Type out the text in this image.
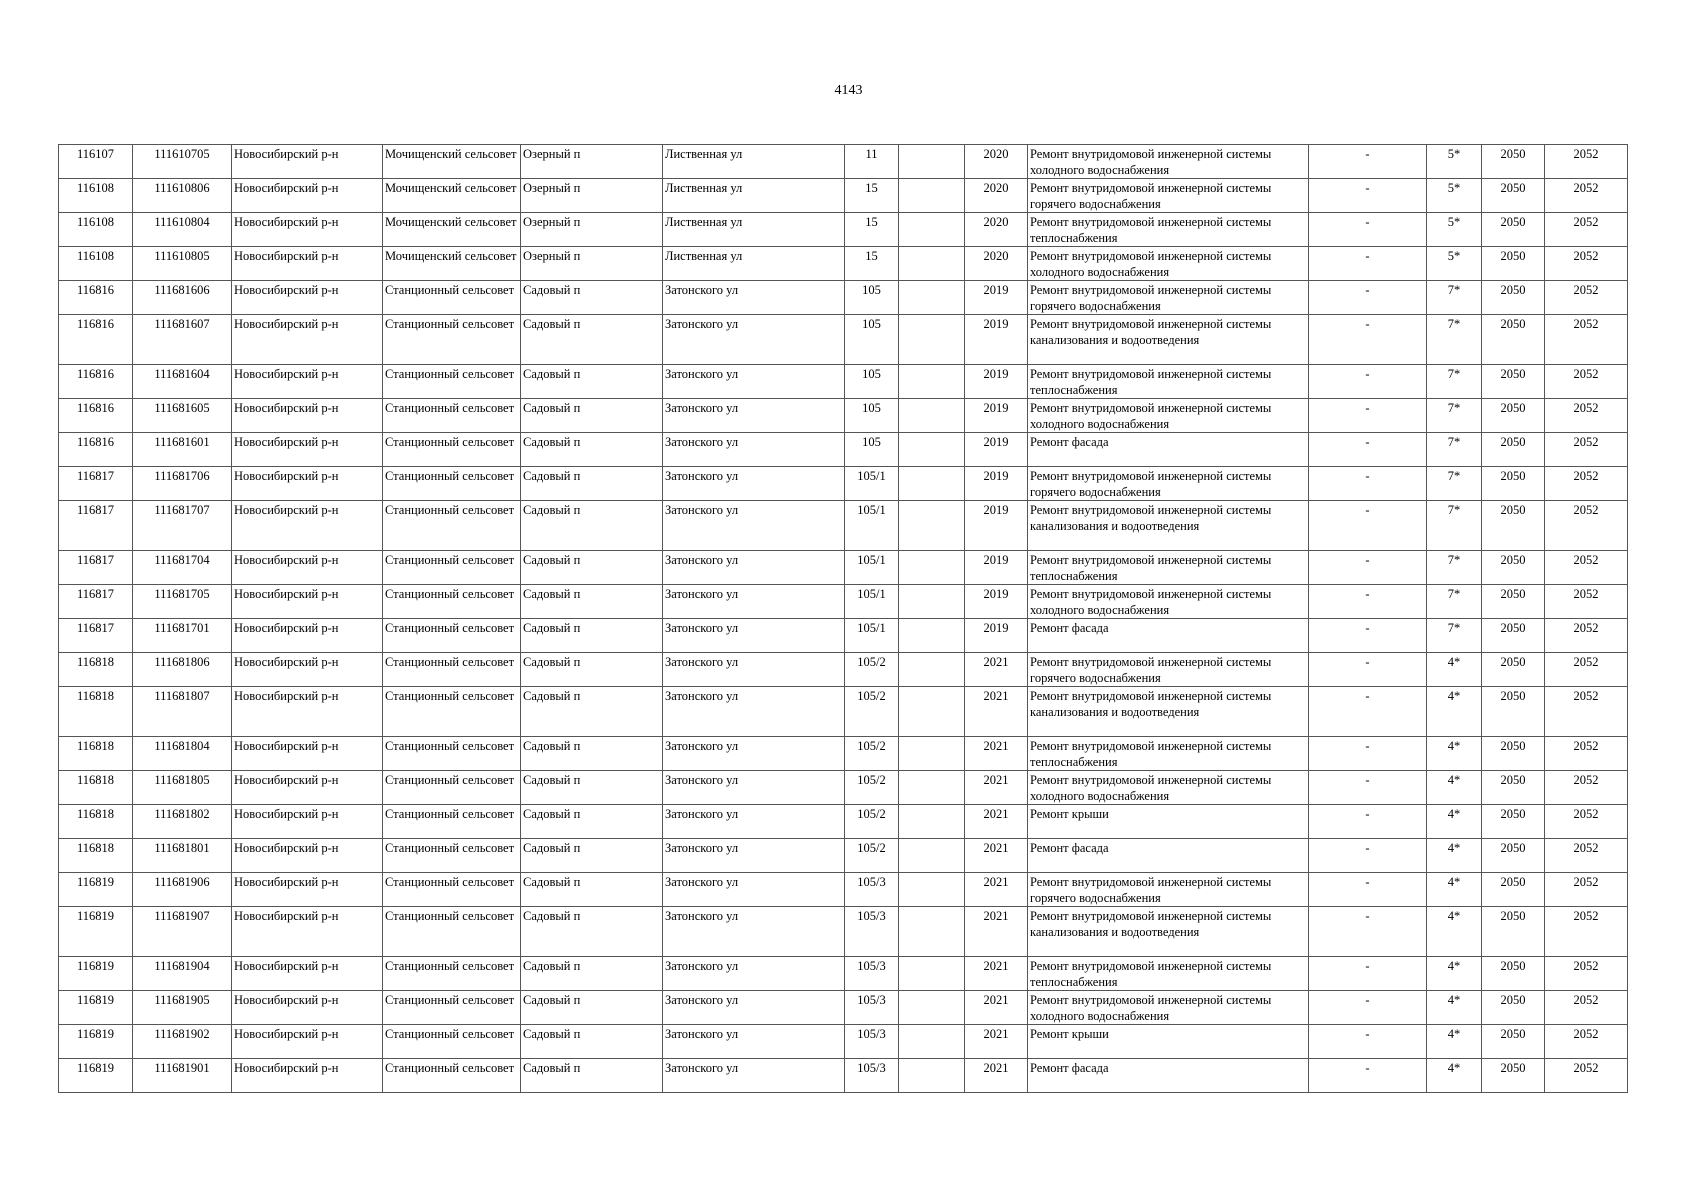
4143
116107	111610705	Новосибирский р-н	Мочищенский сельсовет	Озерный п	Лиственная ул	11		2020	Ремонт внутридомовой инженерной системы холодного водоснабжения	-	5*	2050	2052
116108	111610806	Новосибирский р-н	Мочищенский сельсовет	Озерный п	Лиственная ул	15		2020	Ремонт внутридомовой инженерной системы горячего водоснабжения	-	5*	2050	2052
116108	111610804	Новосибирский р-н	Мочищенский сельсовет	Озерный п	Лиственная ул	15		2020	Ремонт внутридомовой инженерной системы теплоснабжения	-	5*	2050	2052
116108	111610805	Новосибирский р-н	Мочищенский сельсовет	Озерный п	Лиственная ул	15		2020	Ремонт внутридомовой инженерной системы холодного водоснабжения	-	5*	2050	2052
116816	111681606	Новосибирский р-н	Станционный сельсовет	Садовый п	Затонского ул	105		2019	Ремонт внутридомовой инженерной системы горячего водоснабжения	-	7*	2050	2052
116816	111681607	Новосибирский р-н	Станционный сельсовет	Садовый п	Затонского ул	105		2019	Ремонт внутридомовой инженерной системы канализования и водоотведения	-	7*	2050	2052
116816	111681604	Новосибирский р-н	Станционный сельсовет	Садовый п	Затонского ул	105		2019	Ремонт внутридомовой инженерной системы теплоснабжения	-	7*	2050	2052
116816	111681605	Новосибирский р-н	Станционный сельсовет	Садовый п	Затонского ул	105		2019	Ремонт внутридомовой инженерной системы холодного водоснабжения	-	7*	2050	2052
116816	111681601	Новосибирский р-н	Станционный сельсовет	Садовый п	Затонского ул	105		2019	Ремонт фасада	-	7*	2050	2052
116817	111681706	Новосибирский р-н	Станционный сельсовет	Садовый п	Затонского ул	105/1		2019	Ремонт внутридомовой инженерной системы горячего водоснабжения	-	7*	2050	2052
116817	111681707	Новосибирский р-н	Станционный сельсовет	Садовый п	Затонского ул	105/1		2019	Ремонт внутридомовой инженерной системы канализования и водоотведения	-	7*	2050	2052
116817	111681704	Новосибирский р-н	Станционный сельсовет	Садовый п	Затонского ул	105/1		2019	Ремонт внутридомовой инженерной системы теплоснабжения	-	7*	2050	2052
116817	111681705	Новосибирский р-н	Станционный сельсовет	Садовый п	Затонского ул	105/1		2019	Ремонт внутридомовой инженерной системы холодного водоснабжения	-	7*	2050	2052
116817	111681701	Новосибирский р-н	Станционный сельсовет	Садовый п	Затонского ул	105/1		2019	Ремонт фасада	-	7*	2050	2052
116818	111681806	Новосибирский р-н	Станционный сельсовет	Садовый п	Затонского ул	105/2		2021	Ремонт внутридомовой инженерной системы горячего водоснабжения	-	4*	2050	2052
116818	111681807	Новосибирский р-н	Станционный сельсовет	Садовый п	Затонского ул	105/2		2021	Ремонт внутридомовой инженерной системы канализования и водоотведения	-	4*	2050	2052
116818	111681804	Новосибирский р-н	Станционный сельсовет	Садовый п	Затонского ул	105/2		2021	Ремонт внутридомовой инженерной системы теплоснабжения	-	4*	2050	2052
116818	111681805	Новосибирский р-н	Станционный сельсовет	Садовый п	Затонского ул	105/2		2021	Ремонт внутридомовой инженерной системы холодного водоснабжения	-	4*	2050	2052
116818	111681802	Новосибирский р-н	Станционный сельсовет	Садовый п	Затонского ул	105/2		2021	Ремонт крыши	-	4*	2050	2052
116818	111681801	Новосибирский р-н	Станционный сельсовет	Садовый п	Затонского ул	105/2		2021	Ремонт фасада	-	4*	2050	2052
116819	111681906	Новосибирский р-н	Станционный сельсовет	Садовый п	Затонского ул	105/3		2021	Ремонт внутридомовой инженерной системы горячего водоснабжения	-	4*	2050	2052
116819	111681907	Новосибирский р-н	Станционный сельсовет	Садовый п	Затонского ул	105/3		2021	Ремонт внутридомовой инженерной системы канализования и водоотведения	-	4*	2050	2052
116819	111681904	Новосибирский р-н	Станционный сельсовет	Садовый п	Затонского ул	105/3		2021	Ремонт внутридомовой инженерной системы теплоснабжения	-	4*	2050	2052
116819	111681905	Новосибирский р-н	Станционный сельсовет	Садовый п	Затонского ул	105/3		2021	Ремонт внутридомовой инженерной системы холодного водоснабжения	-	4*	2050	2052
116819	111681902	Новосибирский р-н	Станционный сельсовет	Садовый п	Затонского ул	105/3		2021	Ремонт крыши	-	4*	2050	2052
116819	111681901	Новосибирский р-н	Станционный сельсовет	Садовый п	Затонского ул	105/3		2021	Ремонт фасада	-	4*	2050	2052
